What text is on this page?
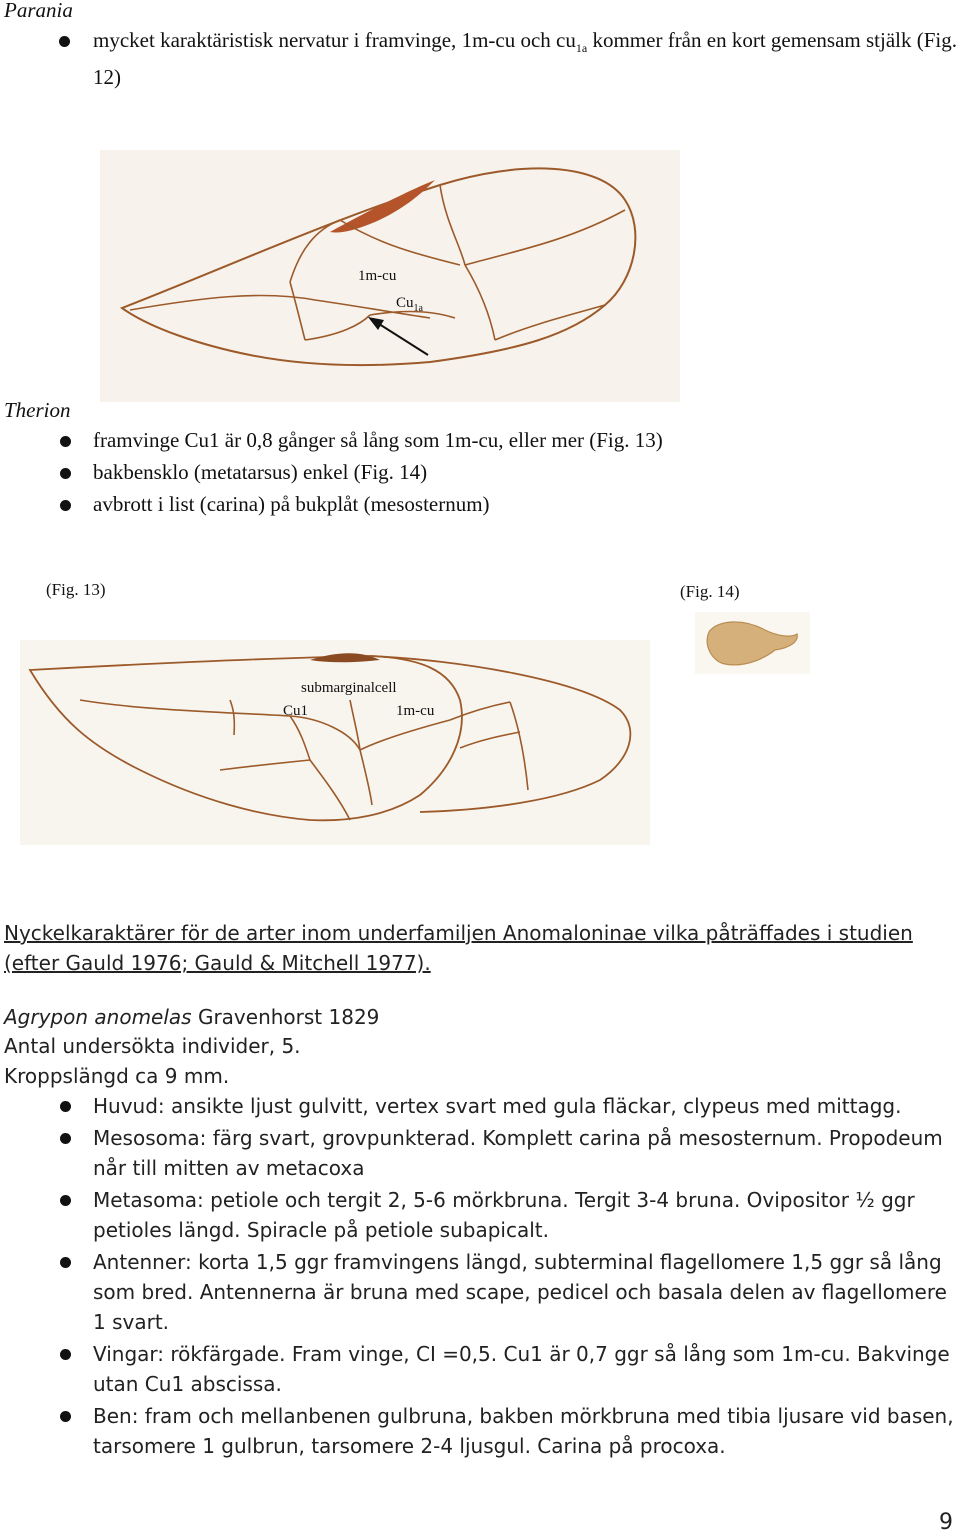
Parania
mycket karaktäristisk nervatur i framvinge, 1m-cu och $cu_{1a}$ kommer från en kort gemensam stjälk (Fig. 12)
1m-cu
$Cu_{1a}$
Therion
framvinge Cu1 är 0,8 gånger så lång som 1m-cu, eller mer (Fig. 13)
bakbensklo (metatarsus) enkel (Fig. 14)
avbrott i list (carina) på bukplåt (mesosternum)
(Fig. 13)	(Fig. 14)
submarginalcell
Cu1	1m-cu
Nyckelkaraktärer för de arter inom underfamiljen Anomaloninae vilka påträffades i studien (efter Gauld 1976; Gauld & Mitchell 1977).
Agrypon anomelas Gravenhorst 1829
Antal undersökta individer, 5.
Kroppslängd ca 9 mm.
Huvud: ansikte ljust gulvitt, vertex svart med gula fläckar, clypeus med mittagg.
Mesosoma: färg svart, grovpunkterad. Komplett carina på mesosternum. Propodeum når till mitten av metacoxa
Metasoma: petiole och tergit 2, 5-6 mörkbruna. Tergit 3-4 bruna. Ovipositor ½ ggr petioles längd. Spiracle på petiole subapicalt.
Antenner: korta 1,5 ggr framvingens längd, subterminal flagellomere 1,5 ggr så lång som bred. Antennerna är bruna med scape, pedicel och basala delen av flagellomere 1 svart.
Vingar: rökfärgade. Fram vinge, CI =0,5. Cu1 är 0,7 ggr så lång som 1m-cu. Bakvinge utan Cu1 abscissa.
Ben: fram och mellanbenen gulbruna, bakben mörkbruna med tibia ljusare vid basen, tarsomere 1 gulbrun, tarsomere 2-4 ljusgul. Carina på procoxa.
9
